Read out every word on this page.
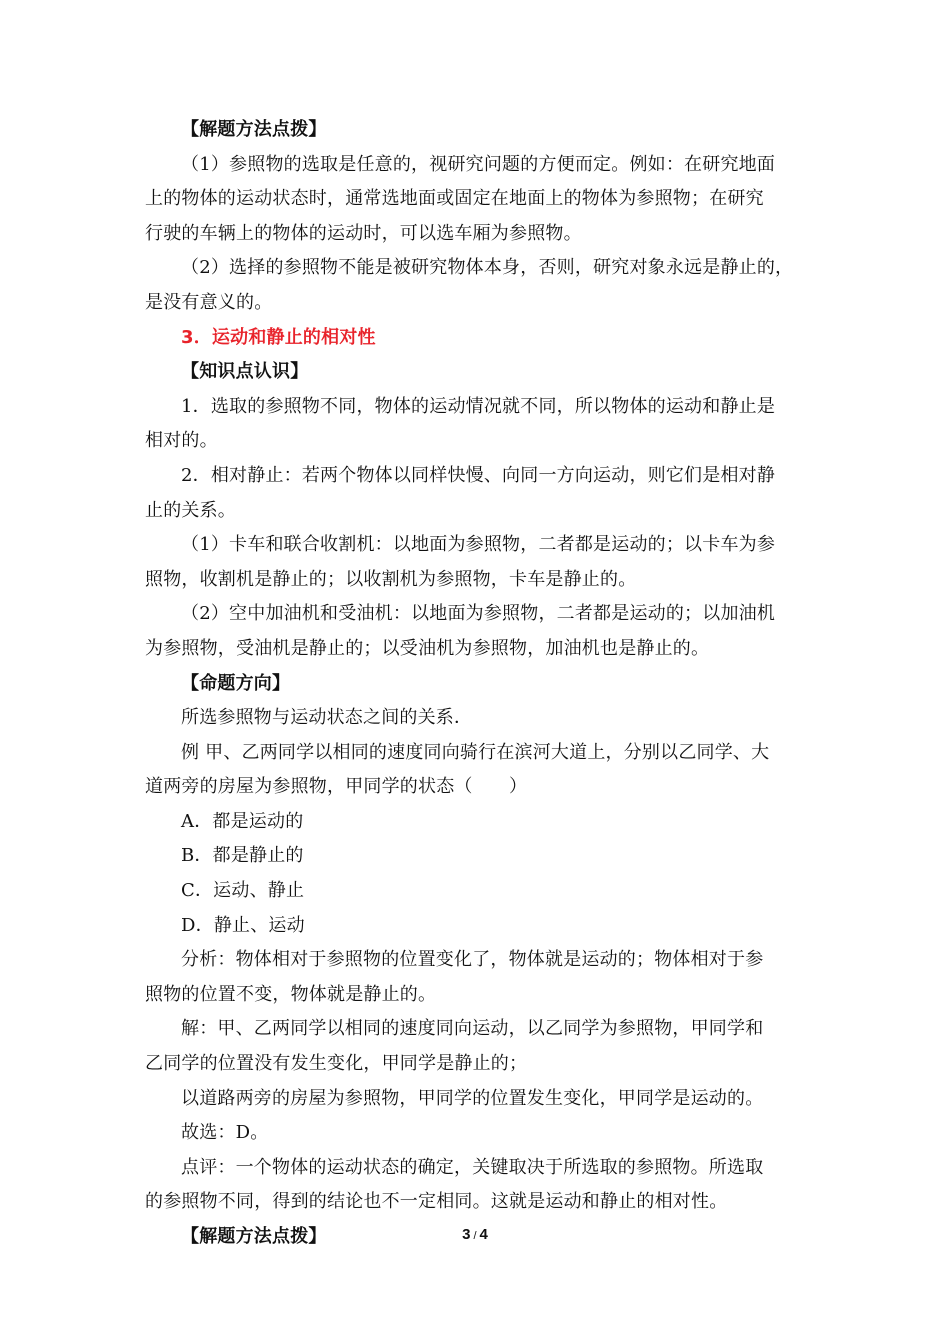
【解题方法点拨】
（1）参照物的选取是任意的，视研究问题的方便而定。例如：在研究地面
上的物体的运动状态时，通常选地面或固定在地面上的物体为参照物；在研究
行驶的车辆上的物体的运动时，可以选车厢为参照物。
（2）选择的参照物不能是被研究物体本身，否则，研究对象永远是静止的，
是没有意义的。
3．运动和静止的相对性
【知识点认识】
1．选取的参照物不同，物体的运动情况就不同，所以物体的运动和静止是
相对的。
2．相对静止：若两个物体以同样快慢、向同一方向运动，则它们是相对静
止的关系。
（1）卡车和联合收割机：以地面为参照物，二者都是运动的；以卡车为参
照物，收割机是静止的；以收割机为参照物，卡车是静止的。
（2）空中加油机和受油机：以地面为参照物，二者都是运动的；以加油机
为参照物，受油机是静止的；以受油机为参照物，加油机也是静止的。
【命题方向】
所选参照物与运动状态之间的关系．
例 甲、乙两同学以相同的速度同向骑行在滨河大道上，分别以乙同学、大
道两旁的房屋为参照物，甲同学的状态（　　）
A．都是运动的
B．都是静止的
C．运动、静止
D．静止、运动
分析：物体相对于参照物的位置变化了，物体就是运动的；物体相对于参
照物的位置不变，物体就是静止的。
解：甲、乙两同学以相同的速度同向运动，以乙同学为参照物，甲同学和
乙同学的位置没有发生变化，甲同学是静止的；
以道路两旁的房屋为参照物，甲同学的位置发生变化，甲同学是运动的。
故选：D。
点评：一个物体的运动状态的确定，关键取决于所选取的参照物。所选取
的参照物不同，得到的结论也不一定相同。这就是运动和静止的相对性。
【解题方法点拨】	3 / 4
